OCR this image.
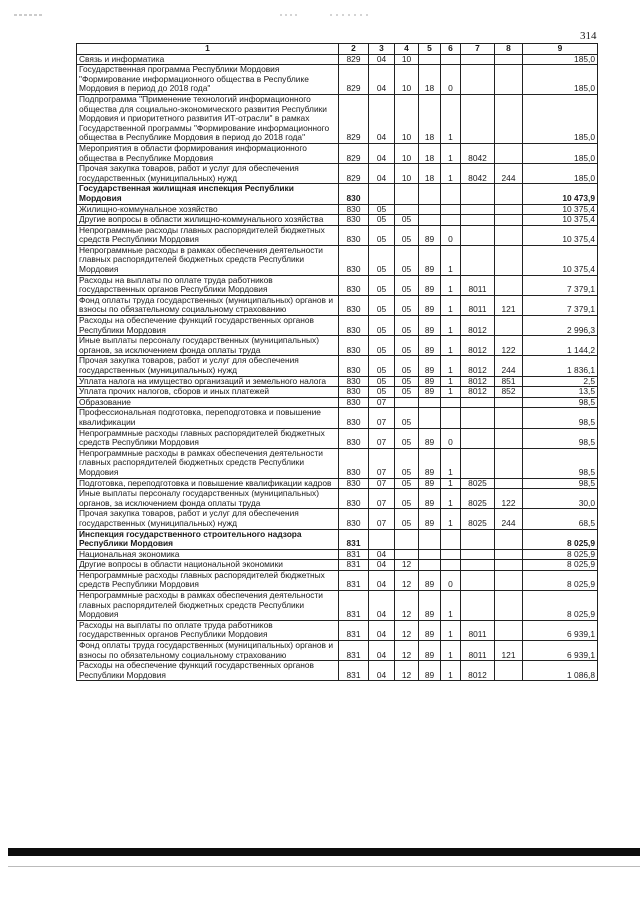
314
1	2	3	4	5	6	7	8	9
Связь и информатика	829	04	10					185,0
Государственная программа Республики Мордовия "Формирование информационного общества в Республике Мордовия в период до 2018 года"	829	04	10	18	0			185,0
Подпрограмма "Применение технологий информационного общества для социально-экономического развития Республики Мордовия и приоритетного развития ИТ-отрасли" в рамках Государственной программы "Формирование информационного общества в Республике Мордовия в период до 2018 года"	829	04	10	18	1			185,0
Мероприятия в области формирования информационного общества в Республике Мордовия	829	04	10	18	1	8042		185,0
Прочая закупка товаров, работ и услуг для обеспечения государственных (муниципальных) нужд	829	04	10	18	1	8042	244	185,0
Государственная жилищная инспекция Республики Мордовия	830							10 473,9
Жилищно-коммунальное хозяйство	830	05						10 375,4
Другие вопросы в области жилищно-коммунального хозяйства	830	05	05					10 375,4
Непрограммные расходы главных распорядителей бюджетных средств Республики Мордовия	830	05	05	89	0			10 375,4
Непрограммные расходы в рамках обеспечения деятельности главных распорядителей бюджетных средств Республики Мордовия	830	05	05	89	1			10 375,4
Расходы на выплаты по оплате труда работников государственных органов Республики Мордовия	830	05	05	89	1	8011		7 379,1
Фонд оплаты труда государственных (муниципальных) органов и взносы по обязательному социальному страхованию	830	05	05	89	1	8011	121	7 379,1
Расходы на обеспечение функций государственных органов Республики Мордовия	830	05	05	89	1	8012		2 996,3
Иные выплаты персоналу государственных (муниципальных) органов, за исключением фонда оплаты труда	830	05	05	89	1	8012	122	1 144,2
Прочая закупка товаров, работ и услуг для обеспечения государственных (муниципальных) нужд	830	05	05	89	1	8012	244	1 836,1
Уплата налога на имущество организаций и земельного налога	830	05	05	89	1	8012	851	2,5
Уплата прочих налогов, сборов и иных платежей	830	05	05	89	1	8012	852	13,5
Образование	830	07						98,5
Профессиональная подготовка, переподготовка и повышение квалификации	830	07	05					98,5
Непрограммные расходы главных распорядителей бюджетных средств Республики Мордовия	830	07	05	89	0			98,5
Непрограммные расходы в рамках обеспечения деятельности главных распорядителей бюджетных средств Республики Мордовия	830	07	05	89	1			98,5
Подготовка, переподготовка и повышение квалификации кадров	830	07	05	89	1	8025		98,5
Иные выплаты персоналу государственных (муниципальных) органов, за исключением фонда оплаты труда	830	07	05	89	1	8025	122	30,0
Прочая закупка товаров, работ и услуг для обеспечения государственных (муниципальных) нужд	830	07	05	89	1	8025	244	68,5
Инспекция государственного строительного надзора Республики Мордовия	831							8 025,9
Национальная экономика	831	04						8 025,9
Другие вопросы в области национальной экономики	831	04	12					8 025,9
Непрограммные расходы главных распорядителей бюджетных средств Республики Мордовия	831	04	12	89	0			8 025,9
Непрограммные расходы в рамках обеспечения деятельности главных распорядителей бюджетных средств Республики Мордовия	831	04	12	89	1			8 025,9
Расходы на выплаты по оплате труда работников государственных органов Республики Мордовия	831	04	12	89	1	8011		6 939,1
Фонд оплаты труда государственных (муниципальных) органов и взносы по обязательному социальному страхованию	831	04	12	89	1	8011	121	6 939,1
Расходы на обеспечение функций государственных органов Республики Мордовия	831	04	12	89	1	8012		1 086,8
